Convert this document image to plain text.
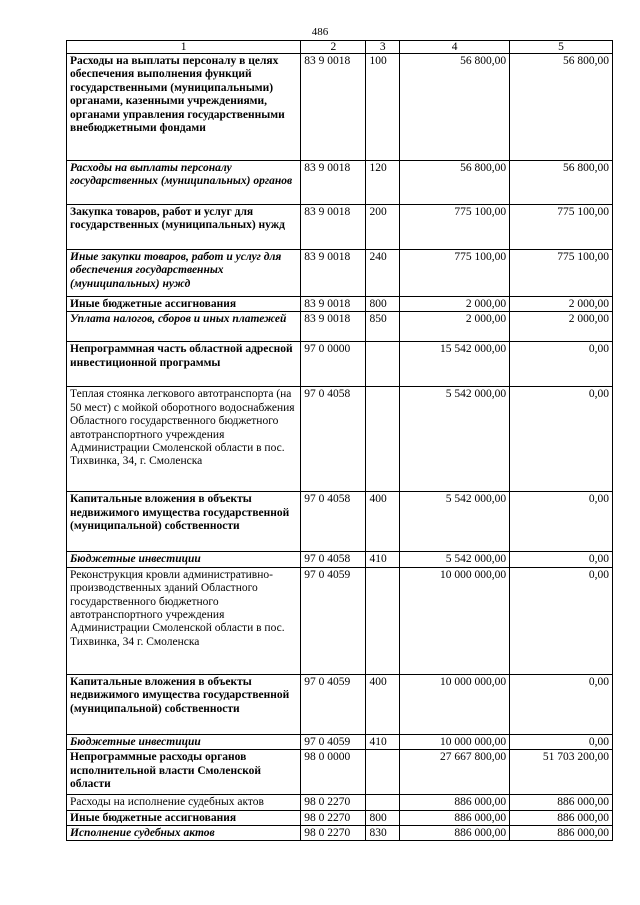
486
1	2	3	4	5
Расходы на выплаты персоналу в целях обеспечения выполнения функций государственными (муниципальными) органами, казенными учреждениями, органами управления государственными внебюджетными фондами	83 9 0018	100	56 800,00	56 800,00
Расходы на выплаты персоналу государственных (муниципальных) органов	83 9 0018	120	56 800,00	56 800,00
Закупка товаров, работ и услуг для государственных (муниципальных) нужд	83 9 0018	200	775 100,00	775 100,00
Иные закупки товаров, работ и услуг для обеспечения государственных (муниципальных) нужд	83 9 0018	240	775 100,00	775 100,00
Иные бюджетные ассигнования	83 9 0018	800	2 000,00	2 000,00
Уплата налогов, сборов и иных платежей	83 9 0018	850	2 000,00	2 000,00
Непрограммная часть областной адресной инвестиционной программы	97 0 0000		15 542 000,00	0,00
Теплая стоянка легкового автотранспорта (на 50 мест) с мойкой оборотного водоснабжения Областного государственного бюджетного автотранспортного учреждения Администрации Смоленской области в пос. Тихвинка, 34, г. Смоленска	97 0 4058		5 542 000,00	0,00
Капитальные вложения в объекты недвижимого имущества государственной (муниципальной) собственности	97 0 4058	400	5 542 000,00	0,00
Бюджетные инвестиции	97 0 4058	410	5 542 000,00	0,00
Реконструкция кровли административно-производственных зданий Областного государственного бюджетного автотранспортного учреждения Администрации Смоленской области в пос. Тихвинка, 34 г. Смоленска	97 0 4059		10 000 000,00	0,00
Капитальные вложения в объекты недвижимого имущества государственной (муниципальной) собственности	97 0 4059	400	10 000 000,00	0,00
Бюджетные инвестиции	97 0 4059	410	10 000 000,00	0,00
Непрограммные расходы органов исполнительной власти Смоленской области	98 0 0000		27 667 800,00	51 703 200,00
Расходы на исполнение судебных актов	98 0 2270		886 000,00	886 000,00
Иные бюджетные ассигнования	98 0 2270	800	886 000,00	886 000,00
Исполнение судебных актов	98 0 2270	830	886 000,00	886 000,00
